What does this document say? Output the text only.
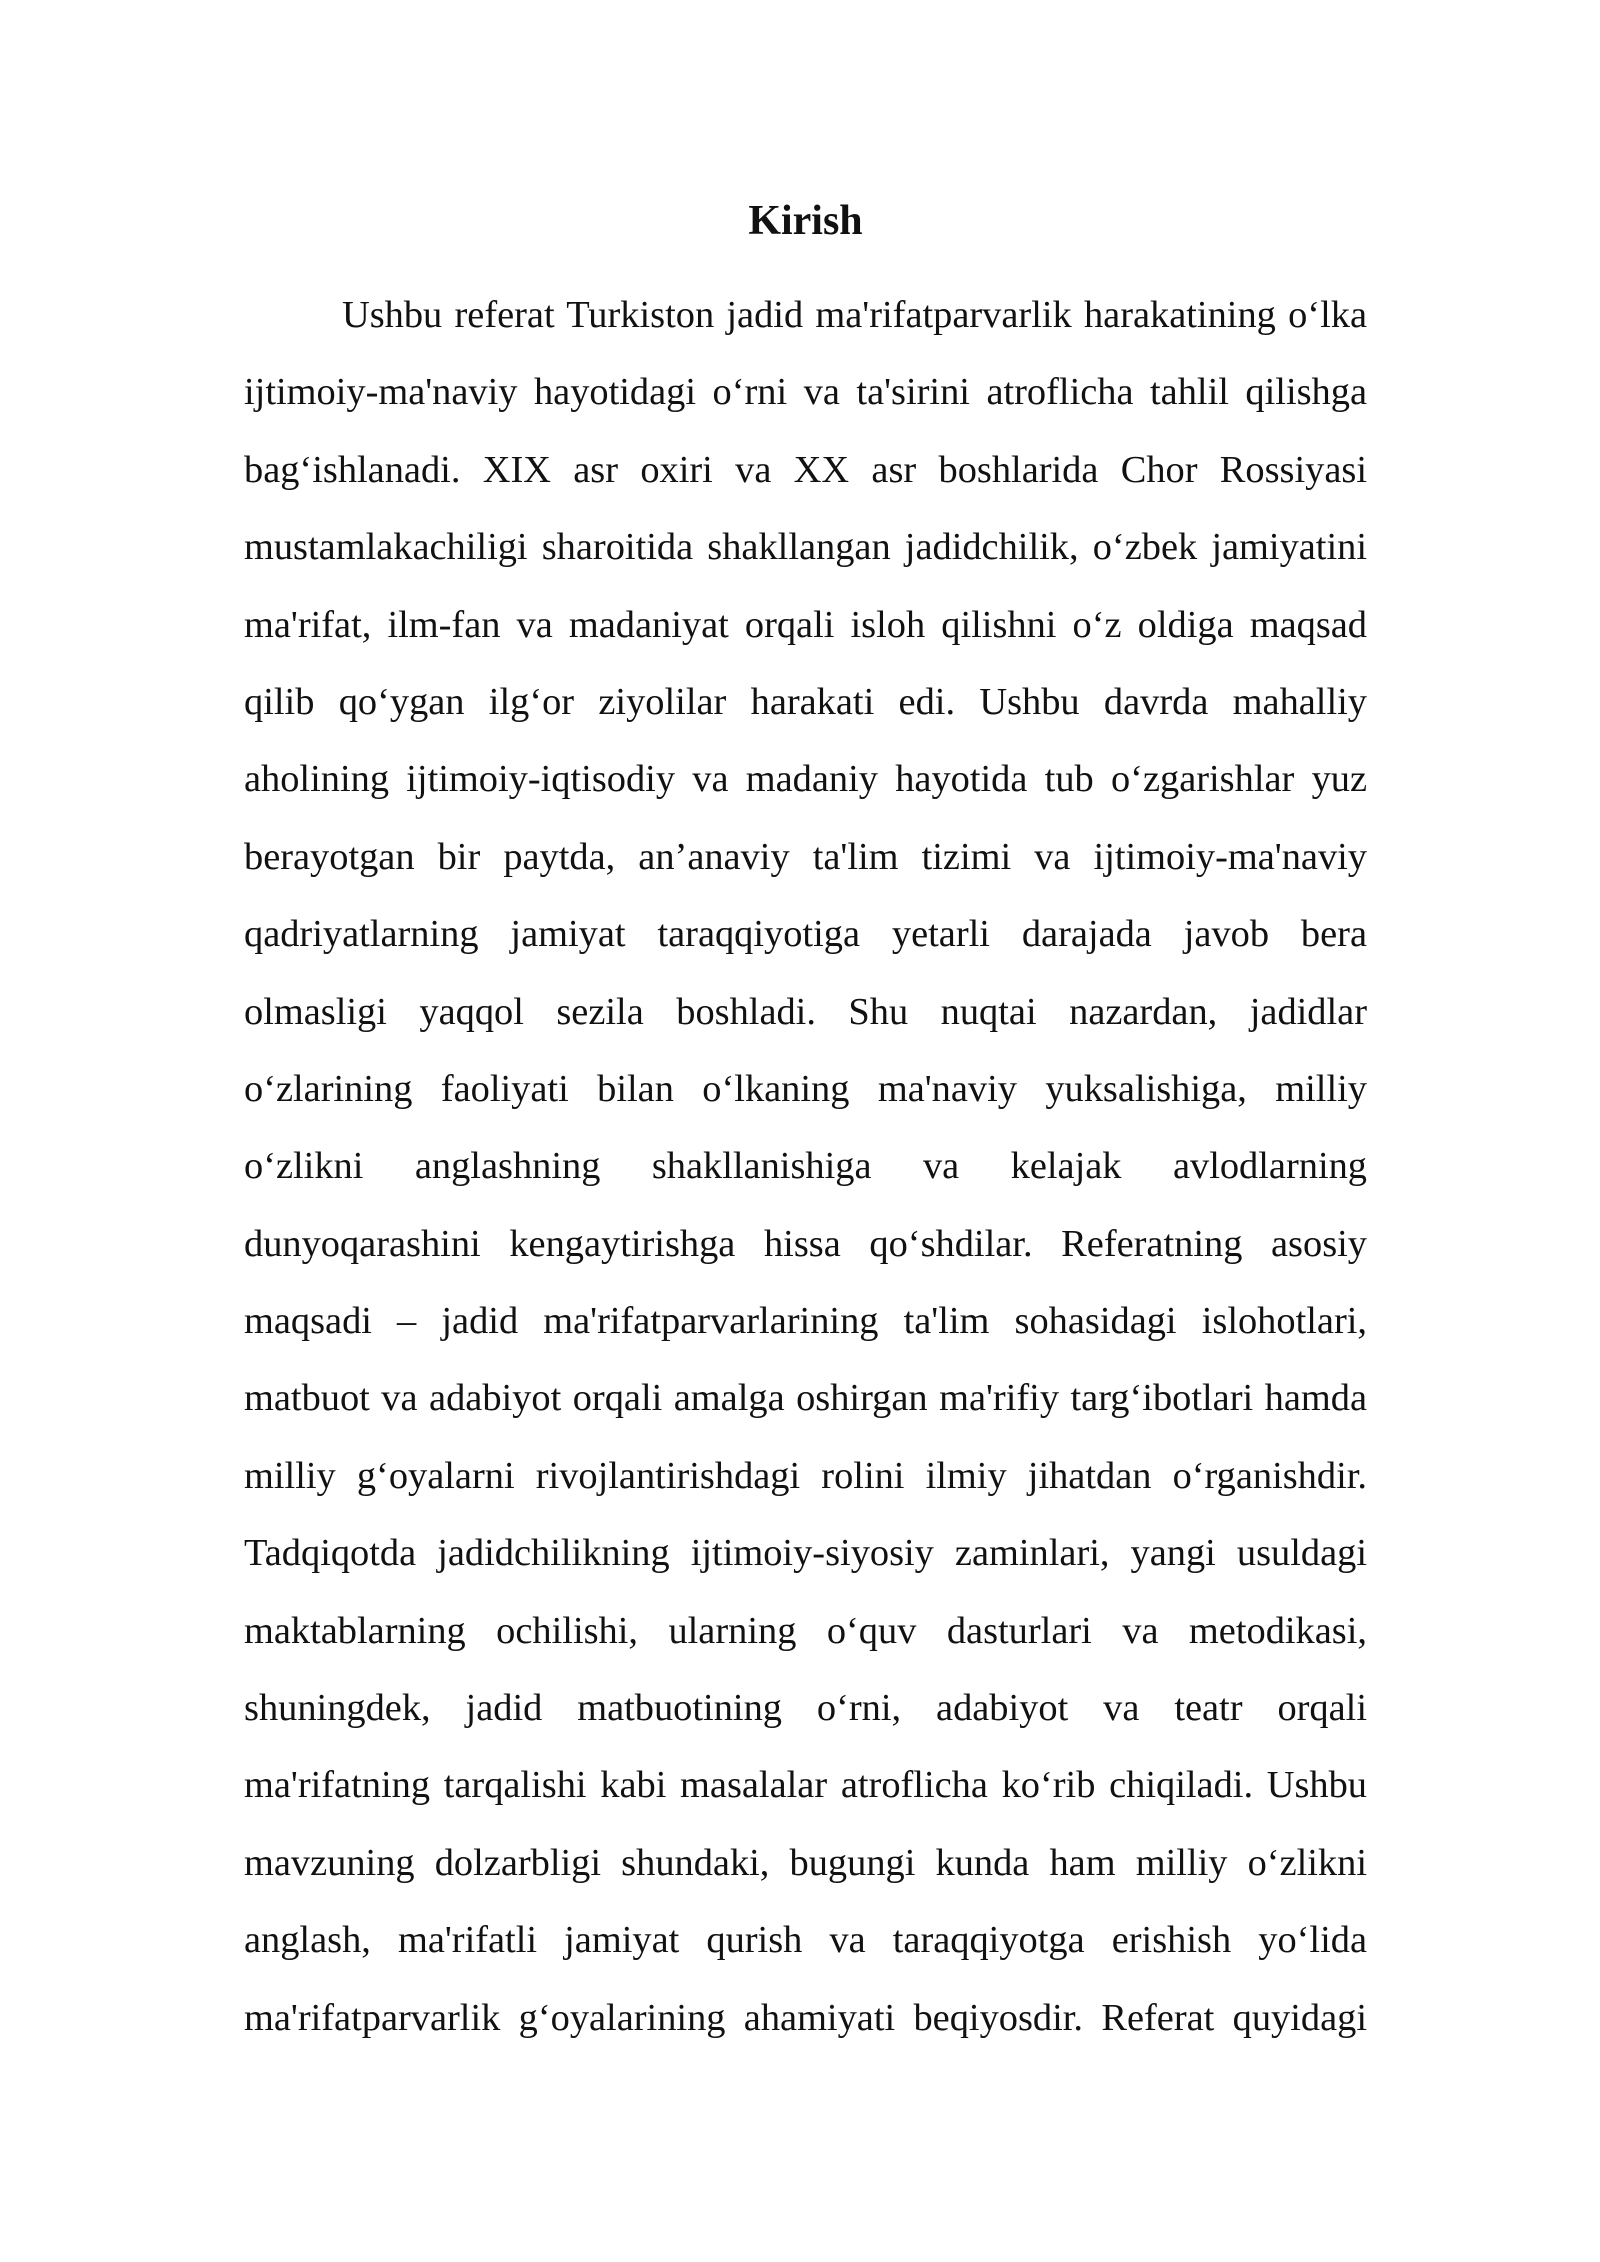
Kirish
Ushbu referat Turkiston jadid ma'rifatparvarlik harakatining o‘lka
ijtimoiy-ma'naviy hayotidagi o‘rni va ta'sirini atroflicha tahlil qilishga
bag‘ishlanadi. XIX asr oxiri va XX asr boshlarida Chor Rossiyasi
mustamlakachiligi sharoitida shakllangan jadidchilik, o‘zbek jamiyatini
ma'rifat, ilm-fan va madaniyat orqali isloh qilishni o‘z oldiga maqsad
qilib qo‘ygan ilg‘or ziyolilar harakati edi. Ushbu davrda mahalliy
aholining ijtimoiy-iqtisodiy va madaniy hayotida tub o‘zgarishlar yuz
berayotgan bir paytda, an’anaviy ta'lim tizimi va ijtimoiy-ma'naviy
qadriyatlarning jamiyat taraqqiyotiga yetarli darajada javob bera
olmasligi yaqqol sezila boshladi. Shu nuqtai nazardan, jadidlar
o‘zlarining faoliyati bilan o‘lkaning ma'naviy yuksalishiga, milliy
o‘zlikni anglashning shakllanishiga va kelajak avlodlarning
dunyoqarashini kengaytirishga hissa qo‘shdilar. Referatning asosiy
maqsadi – jadid ma'rifatparvarlarining ta'lim sohasidagi islohotlari,
matbuot va adabiyot orqali amalga oshirgan ma'rifiy targ‘ibotlari hamda
milliy g‘oyalarni rivojlantirishdagi rolini ilmiy jihatdan o‘rganishdir.
Tadqiqotda jadidchilikning ijtimoiy-siyosiy zaminlari, yangi usuldagi
maktablarning ochilishi, ularning o‘quv dasturlari va metodikasi,
shuningdek, jadid matbuotining o‘rni, adabiyot va teatr orqali
ma'rifatning tarqalishi kabi masalalar atroflicha ko‘rib chiqiladi. Ushbu
mavzuning dolzarbligi shundaki, bugungi kunda ham milliy o‘zlikni
anglash, ma'rifatli jamiyat qurish va taraqqiyotga erishish yo‘lida
ma'rifatparvarlik g‘oyalarining ahamiyati beqiyosdir. Referat quyidagi
